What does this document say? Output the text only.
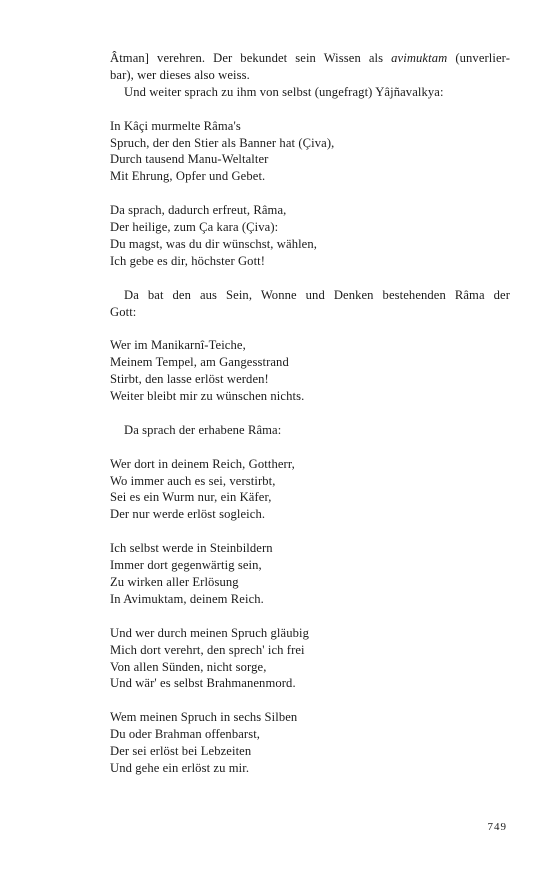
Âtman] verehren. Der bekundet sein Wissen als avimuktam (unverlier-
bar), wer dieses also weiss.
Und weiter sprach zu ihm von selbst (ungefragt) Yâjñavalkya:
In Kâçi murmelte Râma's
Spruch, der den Stier als Banner hat (Çiva),
Durch tausend Manu-Weltalter
Mit Ehrung, Opfer und Gebet.
Da sprach, dadurch erfreut, Râma,
Der heilige, zum Ça kara (Çiva):
Du magst, was du dir wünschst, wählen,
Ich gebe es dir, höchster Gott!
Da bat den aus Sein, Wonne und Denken bestehenden Râma der
Gott:
Wer im Manikarnî-Teiche,
Meinem Tempel, am Gangesstrand
Stirbt, den lasse erlöst werden!
Weiter bleibt mir zu wünschen nichts.
Da sprach der erhabene Râma:
Wer dort in deinem Reich, Gottherr,
Wo immer auch es sei, verstirbt,
Sei es ein Wurm nur, ein Käfer,
Der nur werde erlöst sogleich.
Ich selbst werde in Steinbildern
Immer dort gegenwärtig sein,
Zu wirken aller Erlösung
In Avimuktam, deinem Reich.
Und wer durch meinen Spruch gläubig
Mich dort verehrt, den sprech' ich frei
Von allen Sünden, nicht sorge,
Und wär' es selbst Brahmanenmord.
Wem meinen Spruch in sechs Silben
Du oder Brahman offenbarst,
Der sei erlöst bei Lebzeiten
Und gehe ein erlöst zu mir.
749
